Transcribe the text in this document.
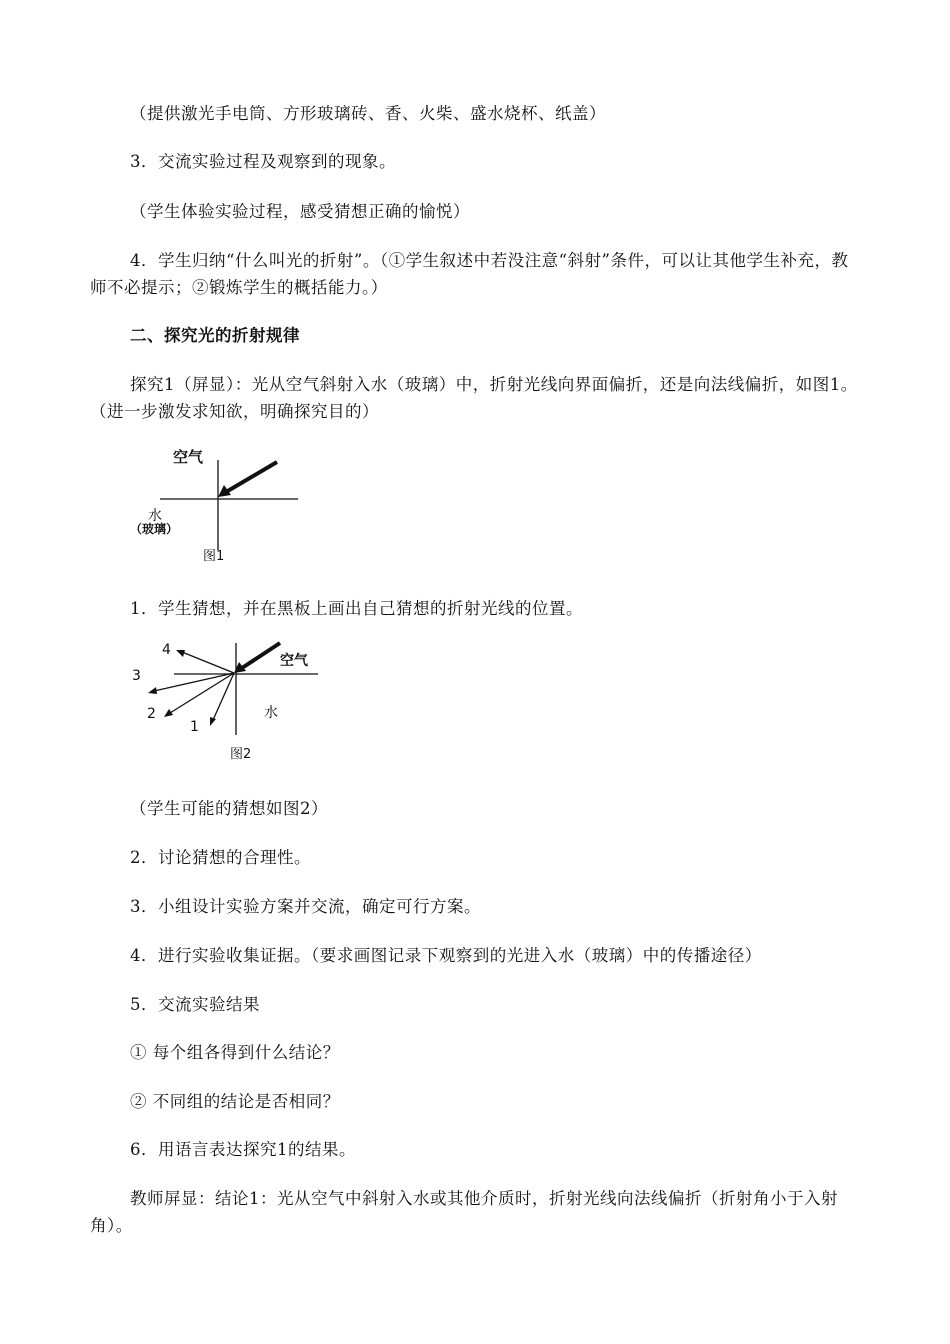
（提供激光手电筒、方形玻璃砖、香、火柴、盛水烧杯、纸盖）
3．交流实验过程及观察到的现象。
（学生体验实验过程，感受猜想正确的愉悦）
4．学生归纳“什么叫光的折射”。（①学生叙述中若没注意“斜射”条件，可以让其他学生补充，教师不必提示；②锻炼学生的概括能力。）
二、探究光的折射规律
探究1（屏显）：光从空气斜射入水（玻璃）中，折射光线向界面偏折，还是向法线偏折，如图1。（进一步激发求知欲，明确探究目的）
空气
水
（玻璃）
图1
1．学生猜想，并在黑板上画出自己猜想的折射光线的位置。
4
3
2
1
空气
水
图2
（学生可能的猜想如图2）
2．讨论猜想的合理性。
3．小组设计实验方案并交流，确定可行方案。
4．进行实验收集证据。（要求画图记录下观察到的光进入水（玻璃）中的传播途径）
5．交流实验结果
① 每个组各得到什么结论？
② 不同组的结论是否相同？
6．用语言表达探究1的结果。
教师屏显：结论1：光从空气中斜射入水或其他介质时，折射光线向法线偏折（折射角小于入射角）。
